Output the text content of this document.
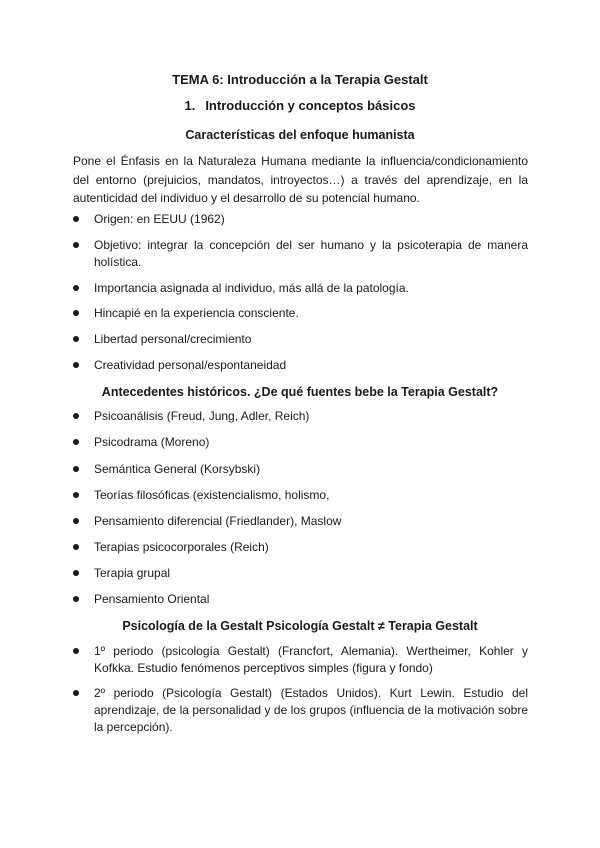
TEMA 6: Introducción a la Terapia Gestalt
1. Introducción y conceptos básicos
Características del enfoque humanista
Pone el Énfasis en la Naturaleza Humana mediante la influencia/condicionamiento del entorno (prejuicios, mandatos, introyectos…) a través del aprendizaje, en la autenticidad del individuo y el desarrollo de su potencial humano.
Origen: en EEUU (1962)
Objetivo: integrar la concepción del ser humano y la psicoterapia de manera holística.
Importancia asignada al individuo, más allá de la patología.
Hincapié en la experiencia consciente.
Libertad personal/crecimiento
Creatividad personal/espontaneidad
Antecedentes históricos. ¿De qué fuentes bebe la Terapia Gestalt?
Psicoanálisis (Freud, Jung, Adler, Reich)
Psicodrama (Moreno)
Semántica General (Korsybski)
Teorías filosóficas (existencialismo, holismo,
Pensamiento diferencial (Friedlander), Maslow
Terapias psicocorporales (Reich)
Terapia grupal
Pensamiento Oriental
Psicología de la Gestalt Psicología Gestalt ≠ Terapia Gestalt
1º periodo (psicología Gestalt) (Francfort, Alemania). Wertheimer, Kohler y Kofkka. Estudio fenómenos perceptivos simples (figura y fondo)
2º periodo (Psicología Gestalt) (Estados Unidos). Kurt Lewin. Estudio del aprendizaje, de la personalidad y de los grupos (influencia de la motivación sobre la percepción).
